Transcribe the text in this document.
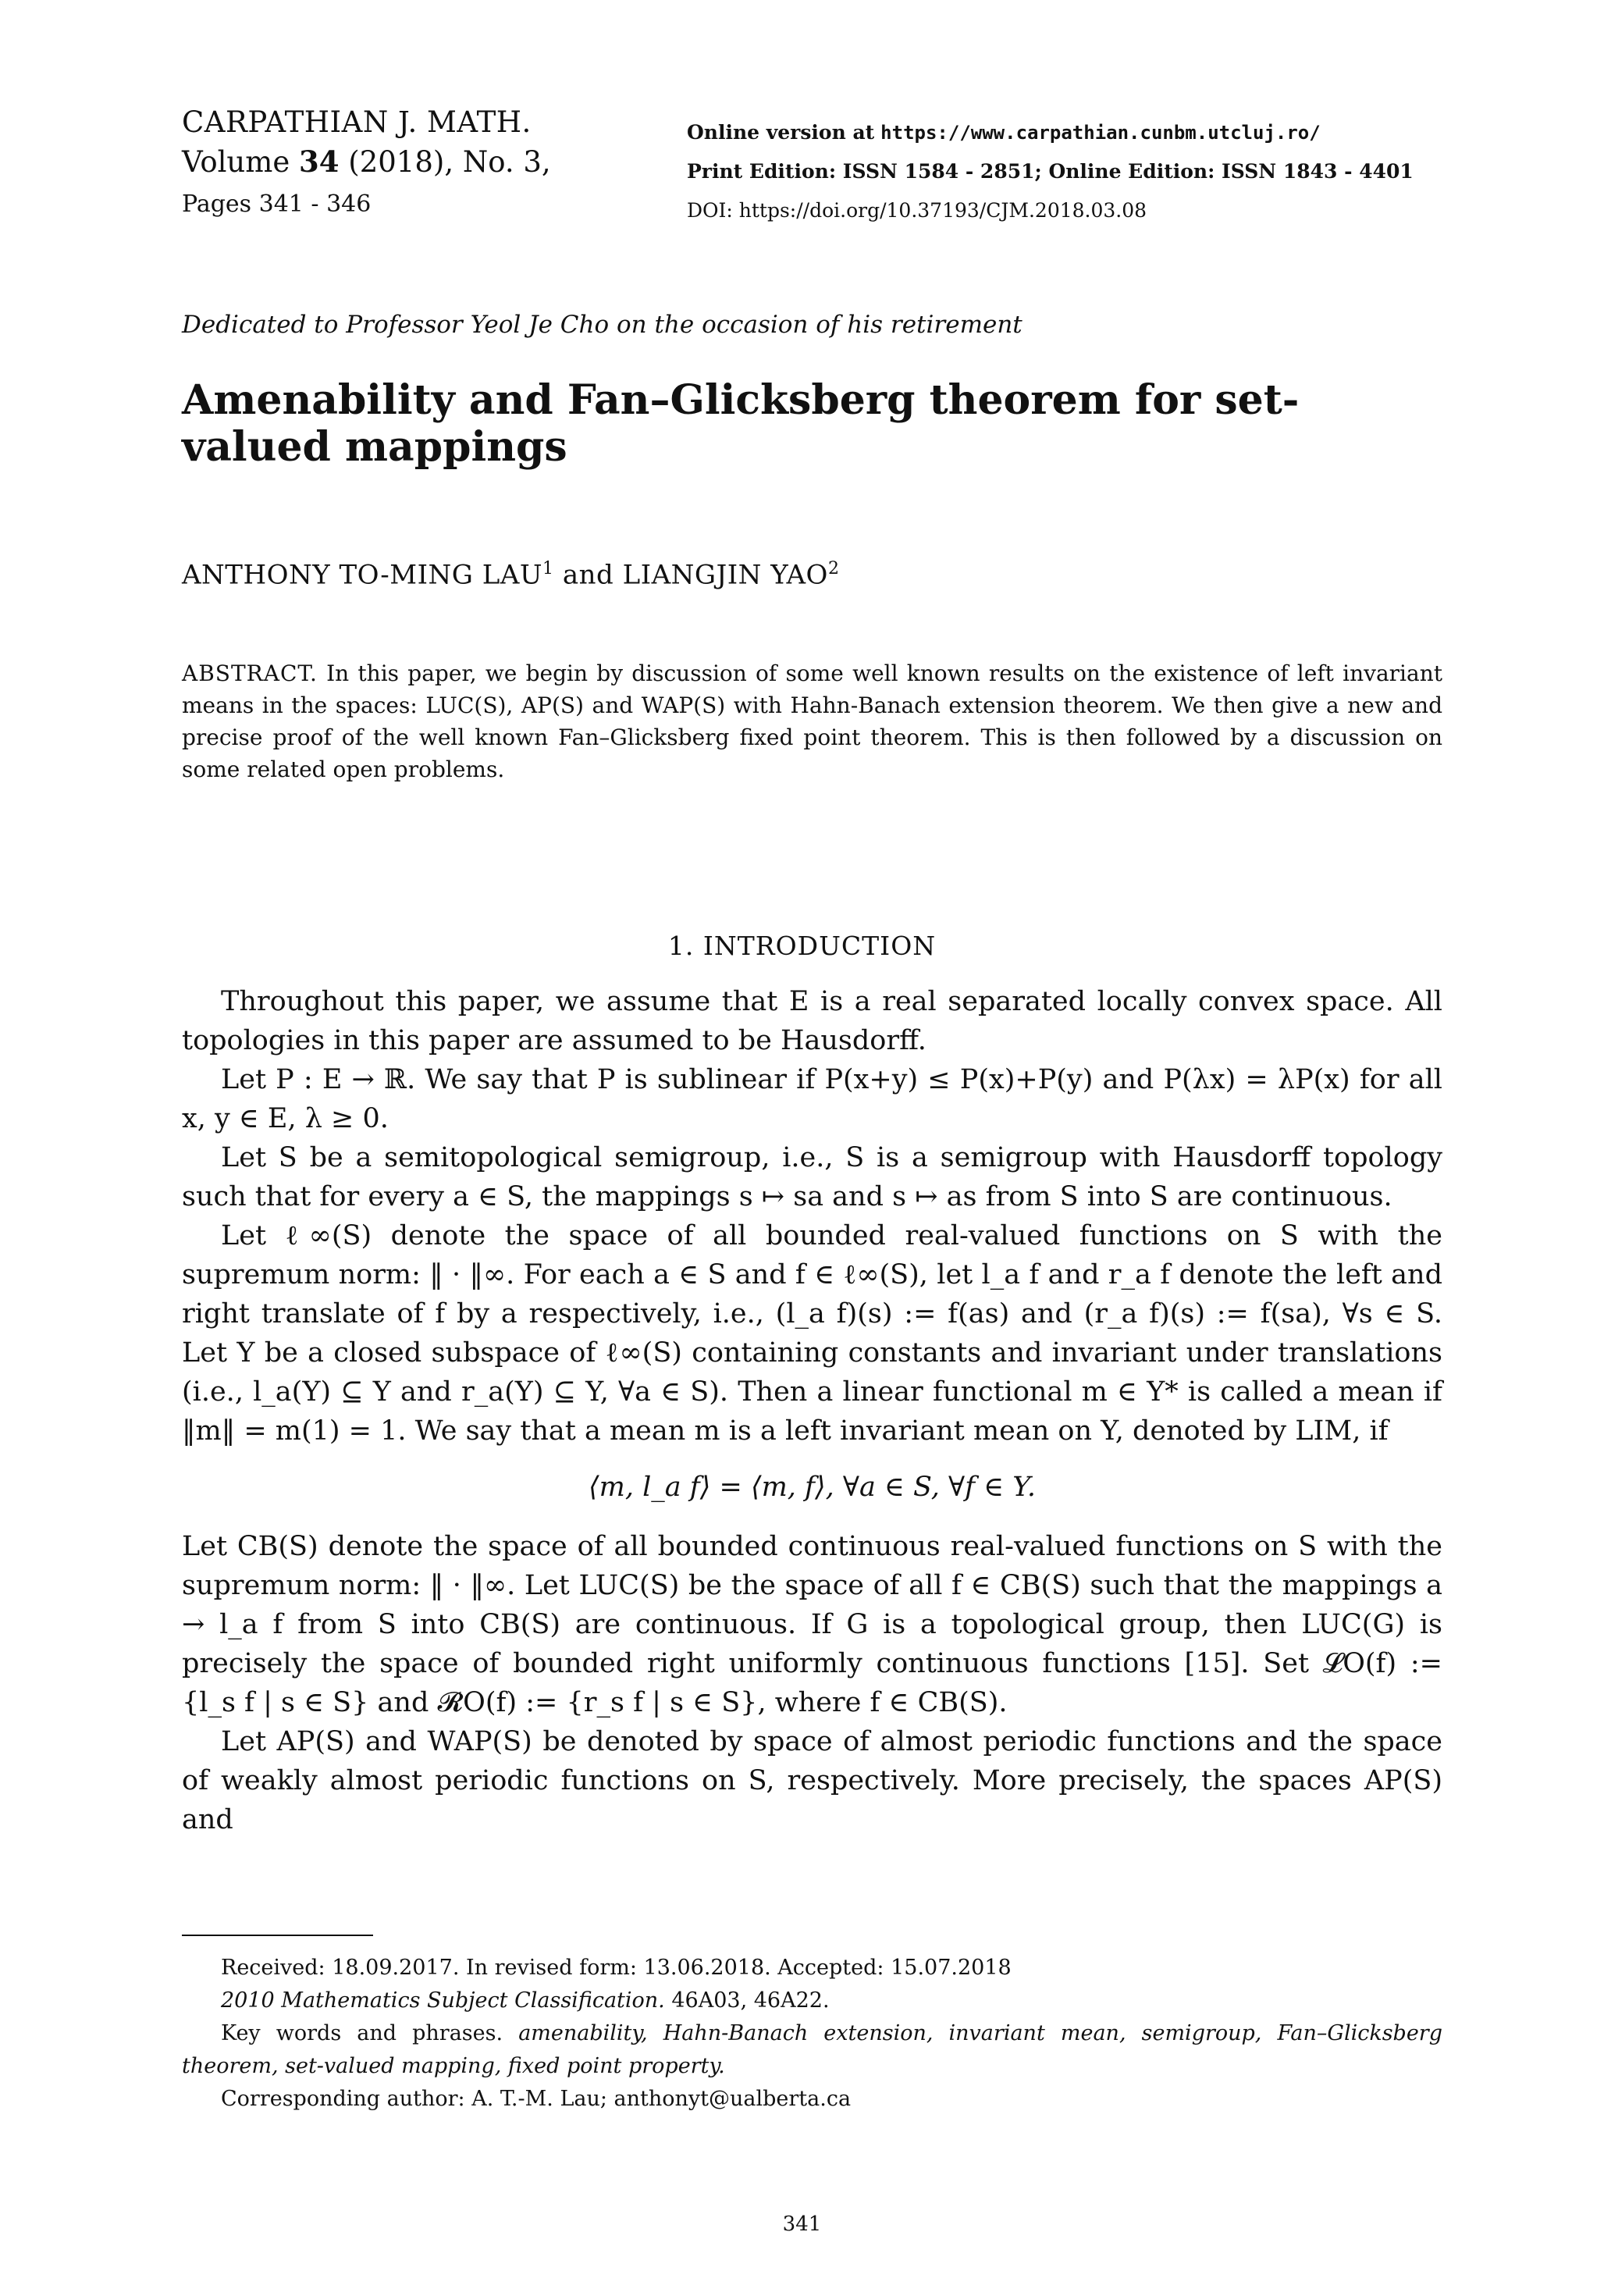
CARPATHIAN J. MATH.
Volume 34 (2018), No. 3,
Pages 341 - 346
Online version at https://www.carpathian.cunbm.utcluj.ro/
Print Edition: ISSN 1584 - 2851; Online Edition: ISSN 1843 - 4401
DOI: https://doi.org/10.37193/CJM.2018.03.08
Dedicated to Professor Yeol Je Cho on the occasion of his retirement
Amenability and Fan–Glicksberg theorem for set-valued mappings
ANTHONY TO-MING LAU$^1$ and LIANGJIN YAO$^2$
ABSTRACT. In this paper, we begin by discussion of some well known results on the existence of left invariant means in the spaces: LUC(S), AP(S) and WAP(S) with Hahn-Banach extension theorem. We then give a new and precise proof of the well known Fan–Glicksberg fixed point theorem. This is then followed by a discussion on some related open problems.
1. INTRODUCTION

Throughout this paper, we assume that E is a real separated locally convex space. All topologies in this paper are assumed to be Hausdorff.

Let P : E → ℝ. We say that P is sublinear if P(x+y) ≤ P(x)+P(y) and P(λx) = λP(x) for all x, y ∈ E, λ ≥ 0.

Let S be a semitopological semigroup, i.e., S is a semigroup with Hausdorff topology such that for every a ∈ S, the mappings s ↦ sa and s ↦ as from S into S are continuous.

Let ℓ∞(S) denote the space of all bounded real-valued functions on S with the supremum norm: ‖ · ‖∞. For each a ∈ S and f ∈ ℓ∞(S), let l_a f and r_a f denote the left and right translate of f by a respectively, i.e., (l_a f)(s) := f(as) and (r_a f)(s) := f(sa), ∀s ∈ S. Let Y be a closed subspace of ℓ∞(S) containing constants and invariant under translations (i.e., l_a(Y) ⊆ Y and r_a(Y) ⊆ Y, ∀a ∈ S). Then a linear functional m ∈ Y* is called a mean if ‖m‖ = m(1) = 1. We say that a mean m is a left invariant mean on Y, denoted by LIM, if

⟨m, l_a f⟩ = ⟨m, f⟩, ∀a ∈ S, ∀f ∈ Y.

Let CB(S) denote the space of all bounded continuous real-valued functions on S with the supremum norm: ‖ · ‖∞. Let LUC(S) be the space of all f ∈ CB(S) such that the mappings a → l_a f from S into CB(S) are continuous. If G is a topological group, then LUC(G) is precisely the space of bounded right uniformly continuous functions [15]. Set 𝓛O(f) := {l_s f | s ∈ S} and 𝓡O(f) := {r_s f | s ∈ S}, where f ∈ CB(S).

Let AP(S) and WAP(S) be denoted by space of almost periodic functions and the space of weakly almost periodic functions on S, respectively. More precisely, the spaces AP(S) and

Received: 18.09.2017. In revised form: 13.06.2018. Accepted: 15.07.2018

2010 Mathematics Subject Classification. 46A03, 46A22.

Key words and phrases. amenability, Hahn-Banach extension, invariant mean, semigroup, Fan–Glicksberg theorem, set-valued mapping, fixed point property.

Corresponding author: A. T.-M. Lau; anthonyt@ualberta.ca

341
